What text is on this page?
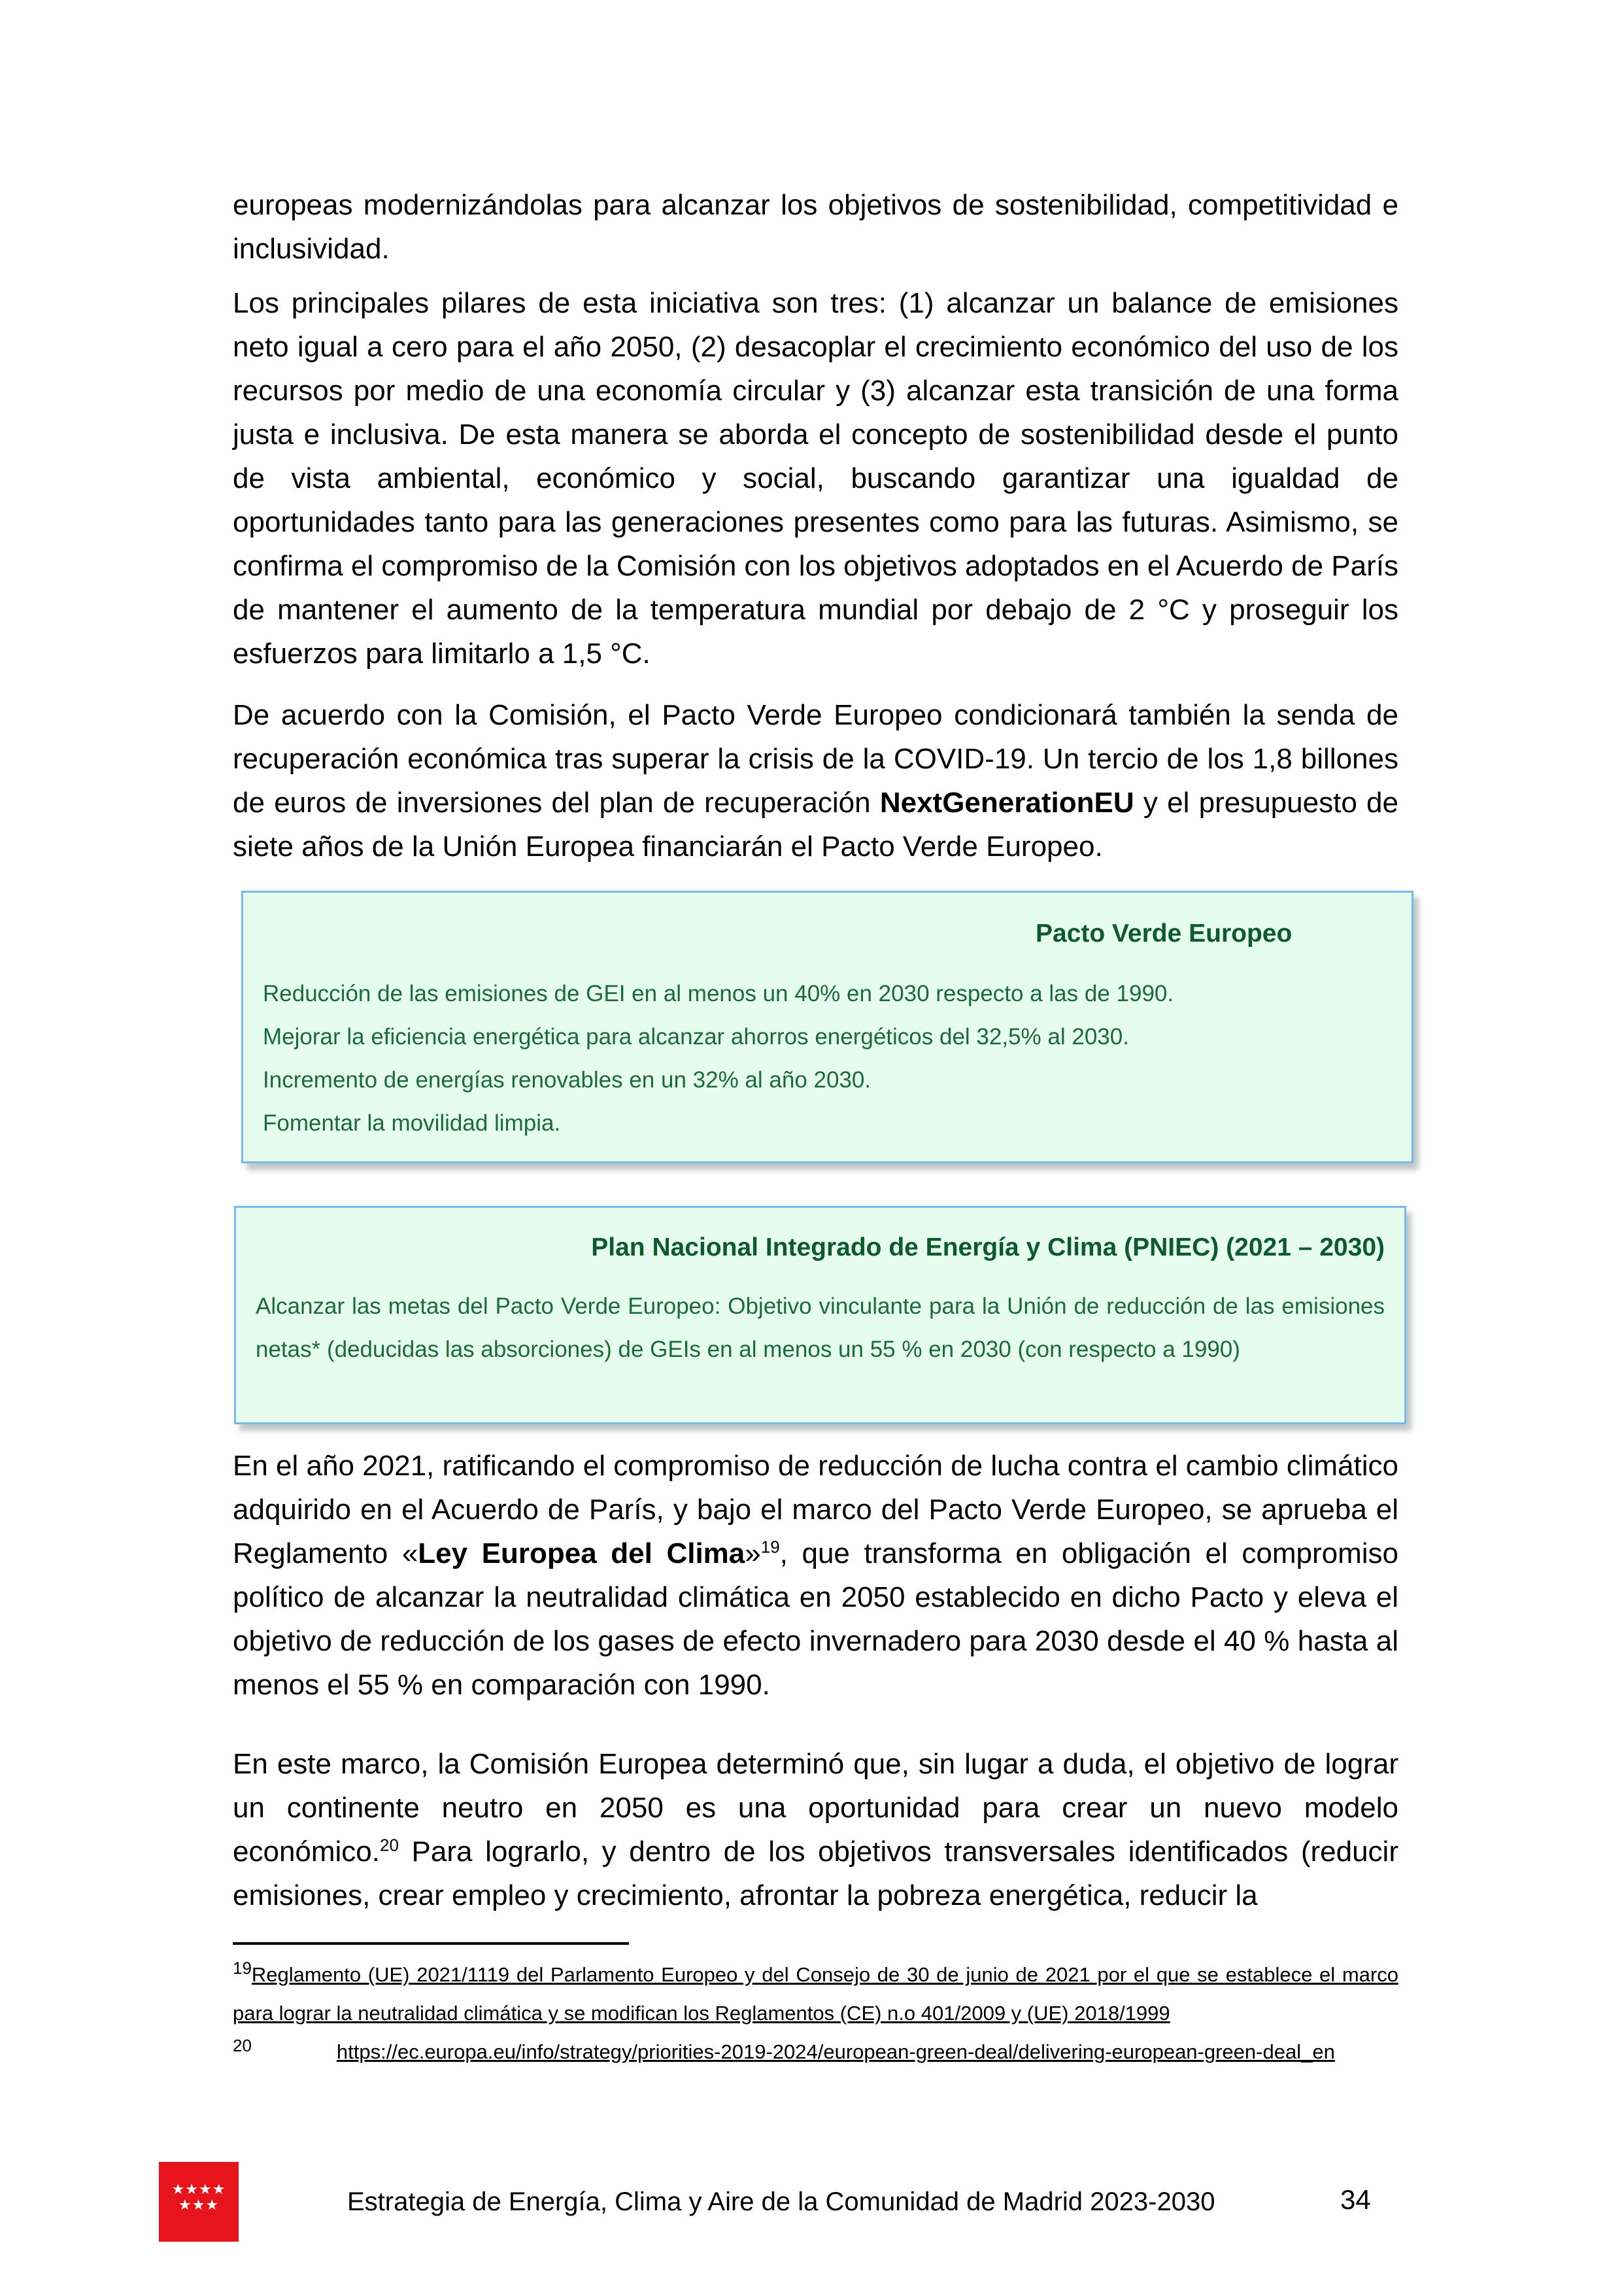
europeas modernizándolas para alcanzar los objetivos de sostenibilidad, competitividad e inclusividad.

Los principales pilares de esta iniciativa son tres: (1) alcanzar un balance de emisiones neto igual a cero para el año 2050, (2) desacoplar el crecimiento económico del uso de los recursos por medio de una economía circular y (3) alcanzar esta transición de una forma justa e inclusiva. De esta manera se aborda el concepto de sostenibilidad desde el punto de vista ambiental, económico y social, buscando garantizar una igualdad de oportunidades tanto para las generaciones presentes como para las futuras. Asimismo, se confirma el compromiso de la Comisión con los objetivos adoptados en el Acuerdo de París de mantener el aumento de la temperatura mundial por debajo de 2 °C y proseguir los esfuerzos para limitarlo a 1,5 °C.

De acuerdo con la Comisión, el Pacto Verde Europeo condicionará también la senda de recuperación económica tras superar la crisis de la COVID-19. Un tercio de los 1,8 billones de euros de inversiones del plan de recuperación NextGenerationEU y el presupuesto de siete años de la Unión Europea financiarán el Pacto Verde Europeo.

Pacto Verde Europeo
Reducción de las emisiones de GEI en al menos un 40% en 2030 respecto a las de 1990.
Mejorar la eficiencia energética para alcanzar ahorros energéticos del 32,5% al 2030.
Incremento de energías renovables en un 32% al año 2030.
Fomentar la movilidad limpia.
Plan Nacional Integrado de Energía y Clima (PNIEC) (2021 – 2030)
Alcanzar las metas del Pacto Verde Europeo: Objetivo vinculante para la Unión de reducción de las emisiones netas* (deducidas las absorciones) de GEIs en al menos un 55 % en 2030 (con respecto a 1990)

En el año 2021, ratificando el compromiso de reducción de lucha contra el cambio climático adquirido en el Acuerdo de París, y bajo el marco del Pacto Verde Europeo, se aprueba el Reglamento «Ley Europea del Clima»$^{19}$, que transforma en obligación el compromiso político de alcanzar la neutralidad climática en 2050 establecido en dicho Pacto y eleva el objetivo de reducción de los gases de efecto invernadero para 2030 desde el 40 % hasta al menos el 55 % en comparación con 1990.

En este marco, la Comisión Europea determinó que, sin lugar a duda, el objetivo de lograr un continente neutro en 2050 es una oportunidad para crear un nuevo modelo económico.$^{20}$ Para lograrlo, y dentro de los objetivos transversales identificados (reducir emisiones, crear empleo y crecimiento, afrontar la pobreza energética, reducir la

$^{19}$Reglamento (UE) 2021/1119 del Parlamento Europeo y del Consejo de 30 de junio de 2021 por el que se establece el marco para lograr la neutralidad climática y se modifican los Reglamentos (CE) n.o 401/2009 y (UE) 2018/1999
$^{20}$	https://ec.europa.eu/info/strategy/priorities-2019-2024/european-green-deal/delivering-european-green-deal_en
★★★★ ★★★	Estrategia de Energía, Clima y Aire de la Comunidad de Madrid 2023-2030	34
